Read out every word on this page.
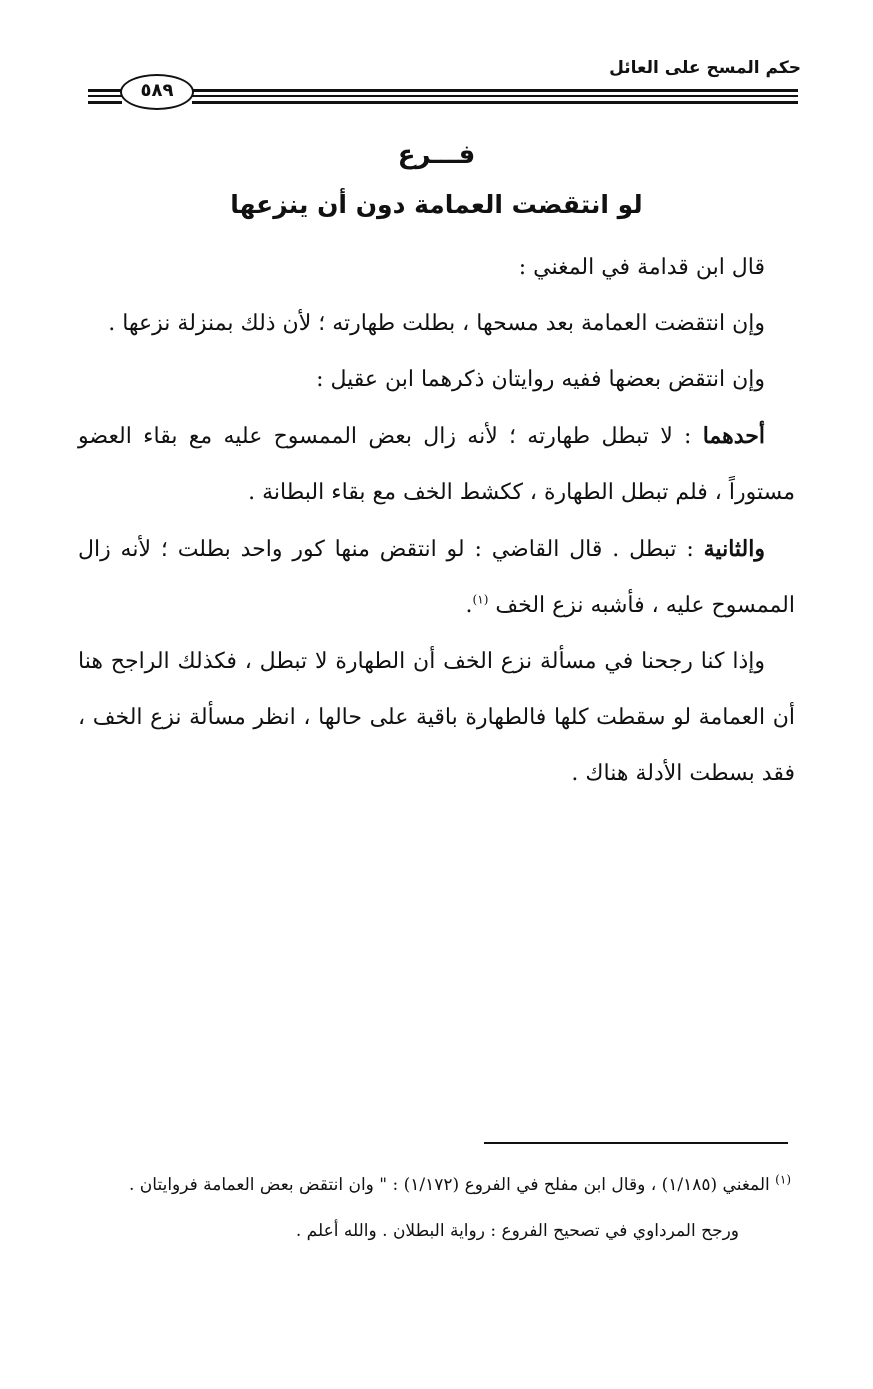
حكم المسح على العائل
٥٨٩
فـــرع
لو انتقضت العمامة دون أن ينزعها

قال ابن قدامة في المغني :

وإن انتقضت العمامة بعد مسحها ، بطلت طهارته ؛ لأن ذلك بمنزلة نزعها .

وإن انتقض بعضها ففيه روايتان ذكرهما ابن عقيل :

أحدهما : لا تبطل طهارته ؛ لأنه زال بعض الممسوح عليه مع بقاء العضو مستوراً ، فلم تبطل الطهارة ، ككشط الخف مع بقاء البطانة .

والثانية : تبطل . قال القاضي : لو انتقض منها كور واحد بطلت ؛ لأنه زال الممسوح عليه ، فأشبه نزع الخف $^{(١)}$.

وإذا كنا رجحنا في مسألة نزع الخف أن الطهارة لا تبطل ، فكذلك الراجح هنا أن العمامة لو سقطت كلها فالطهارة باقية على حالها ، انظر مسألة نزع الخف ، فقد بسطت الأدلة هناك .

$^{(١)}$ المغني (١/١٨٥) ، وقال ابن مفلح في الفروع (١/١٧٢) : " وان انتقض بعض العمامة فروايتان .

ورجح المرداوي في تصحيح الفروع : رواية البطلان . والله أعلم .
